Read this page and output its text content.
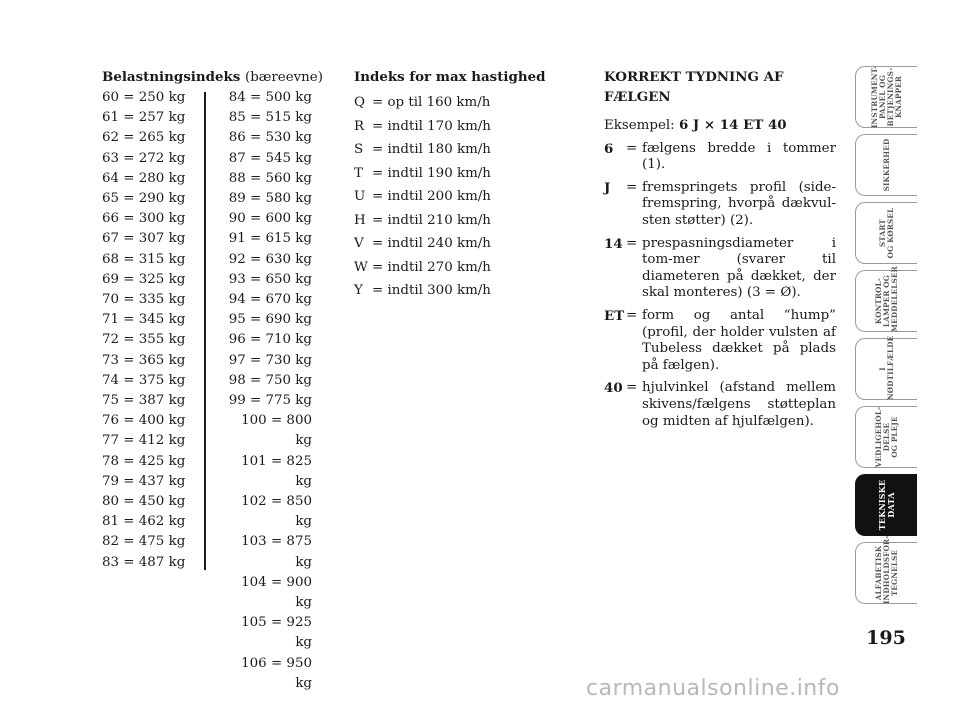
Belastningsindeks (bæreevne)
60 = 250 kg
61 = 257 kg
62 = 265 kg
63 = 272 kg
64 = 280 kg
65 = 290 kg
66 = 300 kg
67 = 307 kg
68 = 315 kg
69 = 325 kg
70 = 335 kg
71 = 345 kg
72 = 355 kg
73 = 365 kg
74 = 375 kg
75 = 387 kg
76 = 400 kg
77 = 412 kg
78 = 425 kg
79 = 437 kg
80 = 450 kg
81 = 462 kg
82 = 475 kg
83 = 487 kg
84 = 500 kg
85 = 515 kg
86 = 530 kg
87 = 545 kg
88 = 560 kg
89 = 580 kg
90 = 600 kg
91 = 615 kg
92 = 630 kg
93 = 650 kg
94 = 670 kg
95 = 690 kg
96 = 710 kg
97 = 730 kg
98 = 750 kg
99 = 775 kg
100 = 800 kg
101 = 825 kg
102 = 850 kg
103 = 875 kg
104 = 900 kg
105 = 925 kg
106 = 950 kg
Indeks for max hastighed
Q = op til 160 km/h
R = indtil 170 km/h
S = indtil 180 km/h
T = indtil 190 km/h
U = indtil 200 km/h
H = indtil 210 km/h
V = indtil 240 km/h
W = indtil 270 km/h
Y = indtil 300 km/h
KORREKT TYDNING AF
FÆLGEN
Eksempel: 6 J × 14 ET 40
6 = fælgens bredde i tommer (1).
J	= fremspringets profil (side-fremspring, hvorpå dækvul-sten støtter) (2).
14 = prespasningsdiameter i tom-mer (svarer til diameteren på dækket, der skal monteres) (3 = Ø).
ET = form og antal “hump” (profil, der holder vulsten af Tubeless dækket på plads på fælgen).
40 = hjulvinkel (afstand mellem skivens/fælgens støtteplan og midten af hjulfælgen).
INSTRUMENT-
PANEL OG
BETJENINGS-
KNAPPER
SIKKERHED
START
OG KØRSEL
KONTROL-
LAMPER OG
MEDDELELSER
I
NØDTILFÆLDE
VEDLIGEHOL-
DELSE
OG PLEJE
TEKNISKE
DATA
ALFABETISK
INDHOLDSFOR-
TEGNELSE
195
carmanualsonline.info
